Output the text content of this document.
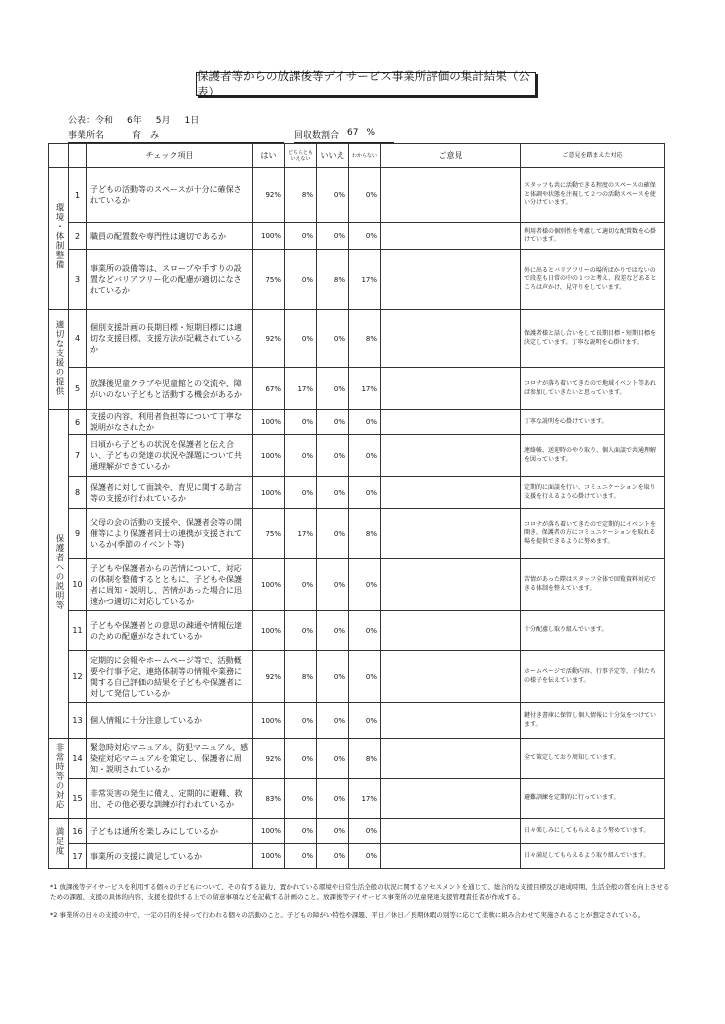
保護者等からの放課後等デイサービス事業所評価の集計結果（公表）
公表：令和 6年 5月 1日
事業所名	育　み	回収数割合 67 %
		チェック項目	はい	どちらともいえない	いいえ	わからない	ご意見	ご意見を踏まえた対応
環境・体制整備	1	子どもの活動等のスペースが十分に確保されているか	92%	8%	0%	0%		スタッフも共に活動できる程度のスペースの確保と体調や状態を注視して２つの活動スペースを使い分けています。
	2	職員の配置数や専門性は適切であるか	100%	0%	0%	0%		利用者様の個別性を考慮して適切な配置数を心掛けています。
	3	事業所の設備等は、スロープや手すりの設置などバリアフリー化の配慮が適切になされているか	75%	0%	8%	17%		外に出るとバリアフリーの場所ばかりではないので段差も日常の中の１つと考え、段差などあるところは声かけ、見守りをしています。
適切な支援の提供	4	個別支援計画の長期目標・短期目標には適切な支援目標、支援方法が記載されているか	92%	0%	0%	8%		保護者様と話し合いをして長期目標・短期目標を決定しています。丁寧な説明を心掛けます。
	5	放課後児童クラブや児童館との交流や、障がいのない子どもと活動する機会があるか	67%	17%	0%	17%		コロナが落ち着いてきたので地域イベント等あれば参加していきたいと思っています。
保護者への説明等	6	支援の内容、利用者負担等について丁寧な説明がなされたか	100%	0%	0%	0%		丁寧な説明を心掛けています。
	7	日頃から子どもの状況を保護者と伝え合い、子どもの発達の状況や課題について共通理解ができているか	100%	0%	0%	0%		連絡帳、送迎時のやり取り、個人面談で共通理解を図っています。
	8	保護者に対して面談や、育児に関する助言等の支援が行われているか	100%	0%	0%	0%		定期的に面談を行い、コミュニケーションを取り支援を行えるよう心掛けています。
	9	父母の会の活動の支援や、保護者会等の開催等により保護者同士の連携が支援されているか(季節のイベント等)	75%	17%	0%	8%		コロナが落ち着いてきたので定期的にイベントを開き、保護者の方にコミュニケーションを取れる場を提供できるように努めます。
	10	子どもや保護者からの苦情について、対応の体制を整備するとともに、子どもや保護者に周知・説明し、苦情があった場合に迅速かつ適切に対応しているか	100%	0%	0%	0%		苦情があった際はスタッフ全体で回覧資料対応できる体制を整えています。
	11	子どもや保護者との意思の疎通や情報伝達のための配慮がなされているか	100%	0%	0%	0%		十分配慮し取り組んでいます。
	12	定期的に会報やホームページ等で、活動概要や行事予定、連絡体制等の情報や業務に関する自己評価の結果を子どもや保護者に対して発信しているか	92%	8%	0%	0%		ホームページで活動内容、行事予定等、子供たちの様子を伝えています。
	13	個人情報に十分注意しているか	100%	0%	0%	0%		鍵付き書庫に保管し個人情報に十分気をつけています。
非常時等の対応	14	緊急時対応マニュアル、防犯マニュアル、感染症対応マニュアルを策定し、保護者に周知・説明されているか	92%	0%	0%	8%		全て策定しており周知しています。
	15	非常災害の発生に備え、定期的に避難、救出、その他必要な訓練が行われているか	83%	0%	0%	17%		避難訓練を定期的に行っています。
満足度	16	子どもは通所を楽しみにしているか	100%	0%	0%	0%		日々楽しみにしてもらえるよう努めています。
	17	事業所の支援に満足しているか	100%	0%	0%	0%		日々満足してもらえるよう取り組んでいます。

*1 放課後等デイサービスを利用する個々の子どもについて、その有する能力、置かれている環境や日常生活全般の状況に関するアセスメントを通じて、総合的な支援目標及び達成時期、生活全般の質を向上させるための課題、支援の具体的内容、支援を提供する上での留意事項などを記載する計画のこと。放課後等デイサービス事業所の児童発達支援管理責任者が作成する。

*2 事業所の日々の支援の中で、一定の目的を持って行われる個々の活動のこと。子どもの障がい特性や課題、平日／休日／長期休暇の別等に応じて柔軟に組み合わせて実施されることが想定されている。
